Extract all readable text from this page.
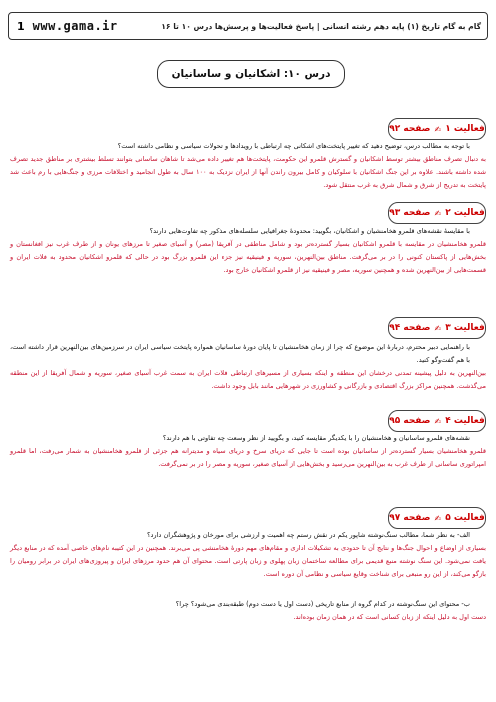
1 www.gama.ir	گام به گام تاریخ (۱) پایه دهم رشته انسانی | پاسخ فعالیت‌ها و پرسش‌ها درس ۱۰ تا ۱۶
درس ۱۰: اشکانیان و ساسانیان
فعالیت ۱
✍
صفحه ۹۲

با توجه به مطالب درس، توضیح دهید که تغییر پایتخت‌های اشکانی چه ارتباطی با رویدادها و تحولات سیاسی و نظامی داشته است؟

به دنبال تصرف مناطق بیشتر توسط اشکانیان و گسترش قلمرو این حکومت، پایتخت‌ها هم تغییر داده می‌شد تا شاهان ساسانی بتوانند تسلط بیشتری بر مناطق جدید تصرف شده داشته باشند. علاوه بر این جنگ اشکانیان با سلوکیان و کامل بیرون راندن آنها از ایران نزدیک به ۱۰۰ سال به طول انجامید و اختلافات مرزی و جنگ‌هایی با رم باعث شد پایتخت به تدریج از شرق و شمال شرق به غرب منتقل شود.

فعالیت ۲
✍
صفحه ۹۳

با مقایسهٔ نقشه‌های قلمرو هخامنشیان و اشکانیان، بگویید: محدودهٔ جغرافیایی سلسله‌های مذکور چه تفاوت‌هایی دارند؟

قلمرو هخامنشیان در مقایسه با قلمرو اشکانیان بسیار گسترده‌تر بود و شامل مناطقی در آفریقا (مصر) و آسیای صغیر تا مرزهای یونان و از طرف غرب نیز افغانستان و بخش‌هایی از پاکستان کنونی را در بر می‌گرفت. مناطق بین‌النهرین، سوریه و فینیقیه نیز جزء این قلمرو بزرگ بود در حالی که قلمرو اشکانیان محدود به فلات ایران و قسمت‌هایی از بین‌النهرین شده و همچنین سوریه، مصر و فینیقیه نیز از قلمرو اشکانیان خارج بود.

فعالیت ۳
✍
صفحه ۹۴

با راهنمایی دبیر محترم، دربارهٔ این موضوع که چرا از زمان هخامنشیان تا پایان دورهٔ ساسانیان همواره پایتخت سیاسی ایران در سرزمین‌های بین‌النهرین قرار داشته است، با هم گفت‌وگو کنید.

بین‌النهرین به دلیل پیشینه تمدنی درخشان این منطقه و اینکه بسیاری از مسیرهای ارتباطی فلات ایران به سمت غرب آسیای صغیر، سوریه و شمال آفریقا از این منطقه می‌گذشت. همچنین مراکز بزرگ اقتصادی و بازرگانی و کشاورزی در شهرهایی مانند بابل وجود داشت.

فعالیت ۴
✍
صفحه ۹۵

نقشه‌های قلمرو ساسانیان و هخامنشیان را با یکدیگر مقایسه کنید، و بگویید از نظر وسعت چه تفاوتی با هم دارند؟

قلمرو هخامنشیان بسیار گسترده‌تر از ساسانیان بوده است تا جایی که دریای سرخ و دریای سیاه و مدیترانه هم جزئی از قلمرو هخامنشیان به شمار می‌رفت، اما قلمرو امپراتوری ساسانی از طرف غرب به بین‌النهرین می‌رسید و بخش‌هایی از آسیای صغیر، سوریه و مصر را در بر نمی‌گرفت.

فعالیت ۵
✍
صفحه ۹۷

الف- به نظر شما، مطالب سنگ‌نوشته شاپور یکم در نقش رستم چه اهمیت و ارزشی برای مورخان و پژوهشگران دارد؟

بسیاری از اوضاع و احوال جنگ‌ها و نتایج آن تا حدودی به تشکیلات اداری و مقام‌های مهم دورهٔ هخامنشی پی می‌برند. همچنین در این کتیبه نام‌های خاصی آمده که در منابع دیگر یافت نمی‌شود. این سنگ نوشته منبع قدیمی برای مطالعه ساختمان زبان پهلوی و زبان پارتی است. محتوای آن هم حدود مرزهای ایران و پیروزی‌های ایران در برابر رومیان را بازگو می‌کند، از این رو منبعی برای شناخت وقایع سیاسی و نظامی آن دوره است.

ب- محتوای این سنگ‌نوشته در کدام گروه از منابع تاریخی (دست اول یا دست دوم) طبقه‌بندی می‌شود؟ چرا؟

دست اول به دلیل اینکه از زبان کسانی است که در همان زمان بوده‌اند.
